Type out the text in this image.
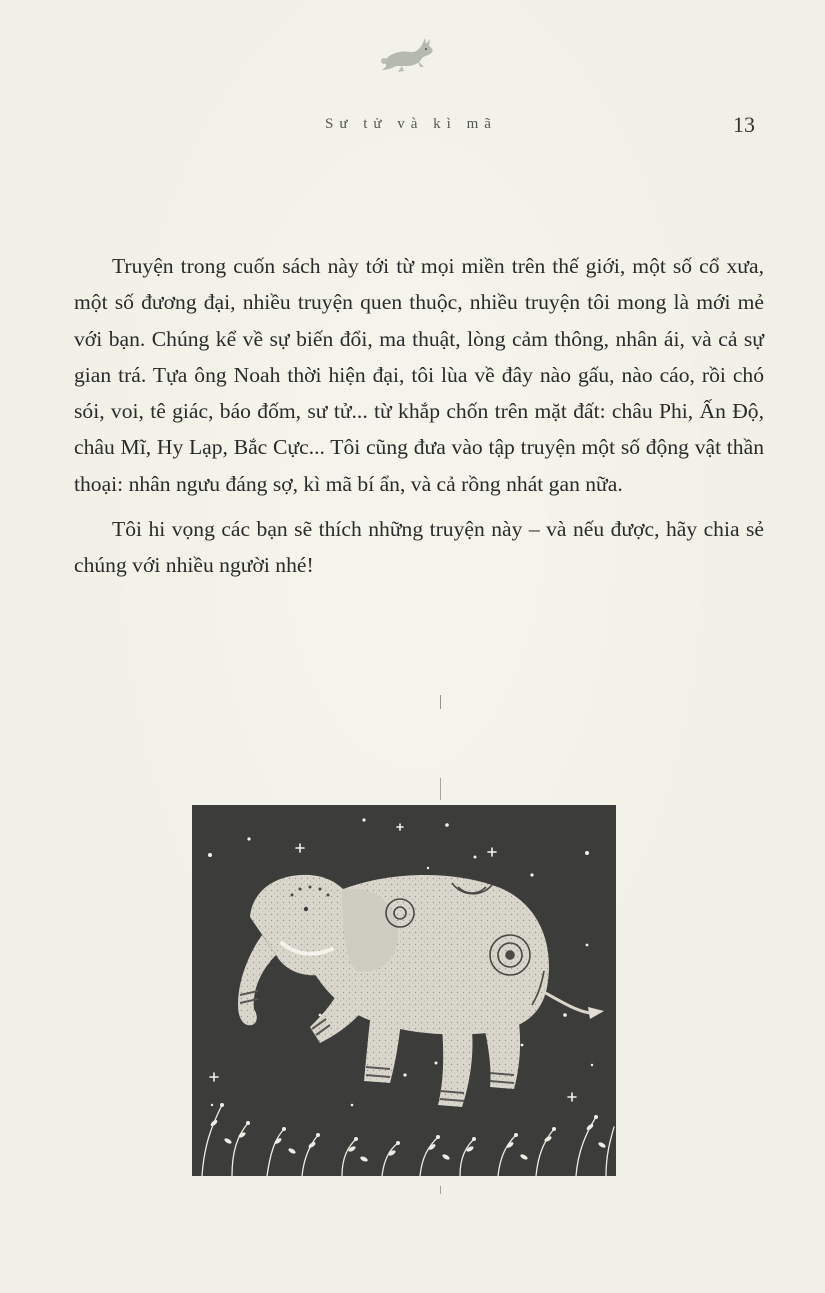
Sư tử và kì mã	13

Truyện trong cuốn sách này tới từ mọi miền trên thế giới, một số cổ xưa, một số đương đại, nhiều truyện quen thuộc, nhiều truyện tôi mong là mới mẻ với bạn. Chúng kể về sự biến đổi, ma thuật, lòng cảm thông, nhân ái, và cả sự gian trá. Tựa ông Noah thời hiện đại, tôi lùa về đây nào gấu, nào cáo, rồi chó sói, voi, tê giác, báo đốm, sư tử... từ khắp chốn trên mặt đất: châu Phi, Ấn Độ, châu Mĩ, Hy Lạp, Bắc Cực... Tôi cũng đưa vào tập truyện một số động vật thần thoại: nhân ngưu đáng sợ, kì mã bí ẩn, và cả rồng nhát gan nữa.

Tôi hi vọng các bạn sẽ thích những truyện này – và nếu được, hãy chia sẻ chúng với nhiều người nhé!
